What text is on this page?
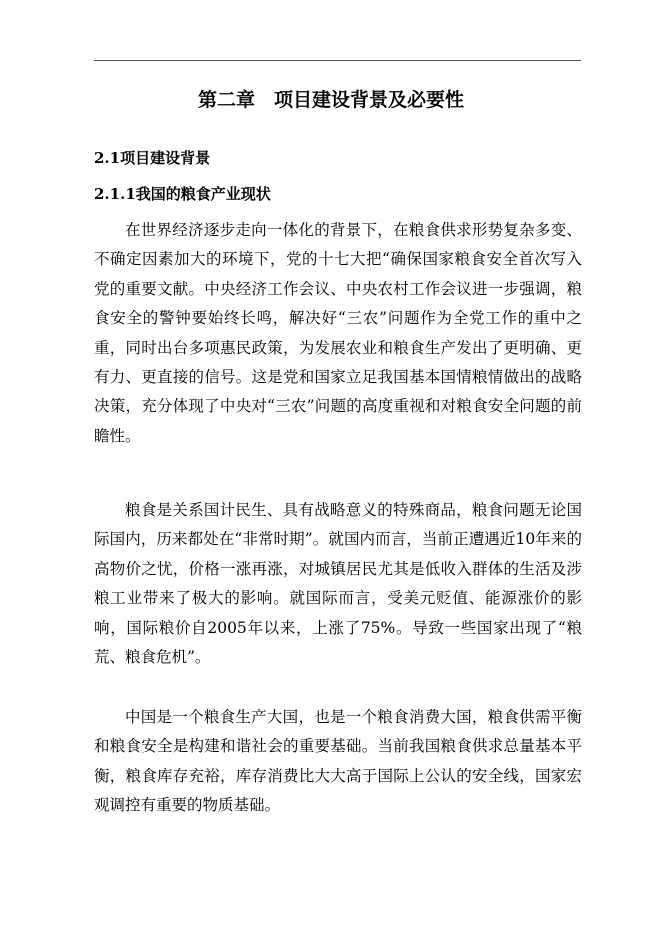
第二章　项目建设背景及必要性
2.1项目建设背景
2.1.1我国的粮食产业现状

在世界经济逐步走向一体化的背景下，在粮食供求形势复杂多变、不确定因素加大的环境下，党的十七大把“确保国家粮食安全首次写入党的重要文献。中央经济工作会议、中央农村工作会议进一步强调，粮食安全的警钟要始终长鸣，解决好“三农”问题作为全党工作的重中之重，同时出台多项惠民政策，为发展农业和粮食生产发出了更明确、更有力、更直接的信号。这是党和国家立足我国基本国情粮情做出的战略决策，充分体现了中央对“三农”问题的高度重视和对粮食安全问题的前瞻性。

粮食是关系国计民生、具有战略意义的特殊商品，粮食问题无论国际国内，历来都处在“非常时期”。就国内而言，当前正遭遇近10年来的高物价之忧，价格一涨再涨，对城镇居民尤其是低收入群体的生活及涉粮工业带来了极大的影响。就国际而言，受美元贬值、能源涨价的影响，国际粮价自2005年以来，上涨了75%。导致一些国家出现了“粮荒、粮食危机”。

中国是一个粮食生产大国，也是一个粮食消费大国，粮食供需平衡和粮食安全是构建和谐社会的重要基础。当前我国粮食供求总量基本平衡，粮食库存充裕，库存消费比大大高于国际上公认的安全线，国家宏观调控有重要的物质基础。
